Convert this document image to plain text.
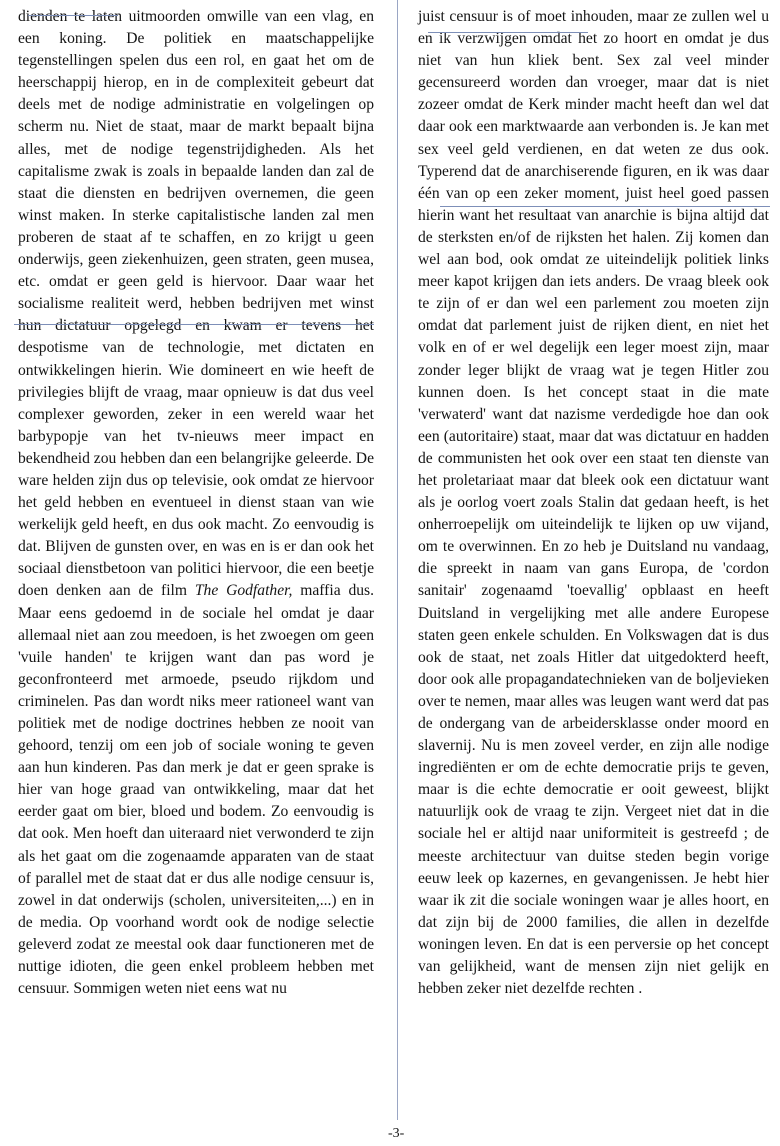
dienden te laten uitmoorden omwille van een vlag, en een koning. De politiek en maatschappelijke tegenstellingen spelen dus een rol, en gaat het om de heerschappij hierop, en in de complexiteit gebeurt dat deels met de nodige administratie en volgelingen op scherm nu. Niet de staat, maar de markt bepaalt bijna alles, met de nodige tegenstrijdigheden. Als het capitalisme zwak is zoals in bepaalde landen dan zal de staat die diensten en bedrijven overnemen, die geen winst maken. In sterke capitalistische landen zal men proberen de staat af te schaffen, en zo krijgt u geen onderwijs, geen ziekenhuizen, geen straten, geen musea, etc. omdat er geen geld is hiervoor. Daar waar het socialisme realiteit werd, hebben bedrijven met winst hun dictatuur opgelegd en kwam er tevens het despotisme van de technologie, met dictaten en ontwikkelingen hierin. Wie domineert en wie heeft de privilegies blijft de vraag, maar opnieuw is dat dus veel complexer geworden, zeker in een wereld waar het barbypopje van het tv-nieuws meer impact en bekendheid zou hebben dan een belangrijke geleerde. De ware helden zijn dus op televisie, ook omdat ze hiervoor het geld hebben en eventueel in dienst staan van wie werkelijk geld heeft, en dus ook macht. Zo eenvoudig is dat. Blijven de gunsten over, en was en is er dan ook het sociaal dienstbetoon van politici hiervoor, die een beetje doen denken aan de film The Godfather, maffia dus. Maar eens gedoemd in de sociale hel omdat je daar allemaal niet aan zou meedoen, is het zwoegen om geen 'vuile handen' te krijgen want dan pas word je geconfronteerd met armoede, pseudo rijkdom und criminelen. Pas dan wordt niks meer rationeel want van politiek met de nodige doctrines hebben ze nooit van gehoord, tenzij om een job of sociale woning te geven aan hun kinderen. Pas dan merk je dat er geen sprake is hier van hoge graad van ontwikkeling, maar dat het eerder gaat om bier, bloed und bodem. Zo eenvoudig is dat ook. Men hoeft dan uiteraard niet verwonderd te zijn als het gaat om die zogenaamde apparaten van de staat of parallel met de staat dat er dus alle nodige censuur is, zowel in dat onderwijs (scholen, universiteiten,...) en in de media. Op voorhand wordt ook de nodige selectie geleverd zodat ze meestal ook daar functioneren met de nuttige idioten, die geen enkel probleem hebben met censuur. Sommigen weten niet eens wat nu

juist censuur is of moet inhouden, maar ze zullen wel u en ik verzwijgen omdat het zo hoort en omdat je dus niet van hun kliek bent. Sex zal veel minder gecensureerd worden dan vroeger, maar dat is niet zozeer omdat de Kerk minder macht heeft dan wel dat daar ook een marktwaarde aan verbonden is. Je kan met sex veel geld verdienen, en dat weten ze dus ook. Typerend dat de anarchiserende figuren, en ik was daar één van op een zeker moment, juist heel goed passen hierin want het resultaat van anarchie is bijna altijd dat de sterksten en/of de rijksten het halen. Zij komen dan wel aan bod, ook omdat ze uiteindelijk politiek links meer kapot krijgen dan iets anders. De vraag bleek ook te zijn of er dan wel een parlement zou moeten zijn omdat dat parlement juist de rijken dient, en niet het volk en of er wel degelijk een leger moest zijn, maar zonder leger blijkt de vraag wat je tegen Hitler zou kunnen doen. Is het concept staat in die mate 'verwaterd' want dat nazisme verdedigde hoe dan ook een (autoritaire) staat, maar dat was dictatuur en hadden de communisten het ook over een staat ten dienste van het proletariaat maar dat bleek ook een dictatuur want als je oorlog voert zoals Stalin dat gedaan heeft, is het onherroepelijk om uiteindelijk te lijken op uw vijand, om te overwinnen. En zo heb je Duitsland nu vandaag, die spreekt in naam van gans Europa, de 'cordon sanitair' zogenaamd 'toevallig' opblaast en heeft Duitsland in vergelijking met alle andere Europese staten geen enkele schulden. En Volkswagen dat is dus ook de staat, net zoals Hitler dat uitgedokterd heeft, door ook alle propagandatechnieken van de boljevieken over te nemen, maar alles was leugen want werd dat pas de ondergang van de arbeidersklasse onder moord en slavernij. Nu is men zoveel verder, en zijn alle nodige ingrediënten er om de echte democratie prijs te geven, maar is die echte democratie er ooit geweest, blijkt natuurlijk ook de vraag te zijn. Vergeet niet dat in die sociale hel er altijd naar uniformiteit is gestreefd ; de meeste architectuur van duitse steden begin vorige eeuw leek op kazernes, en gevangenissen. Je hebt hier waar ik zit die sociale woningen waar je alles hoort, en dat zijn bij de 2000 families, die allen in dezelfde woningen leven. En dat is een perversie op het concept van gelijkheid, want de mensen zijn niet gelijk en hebben zeker niet dezelfde rechten .

-3-
